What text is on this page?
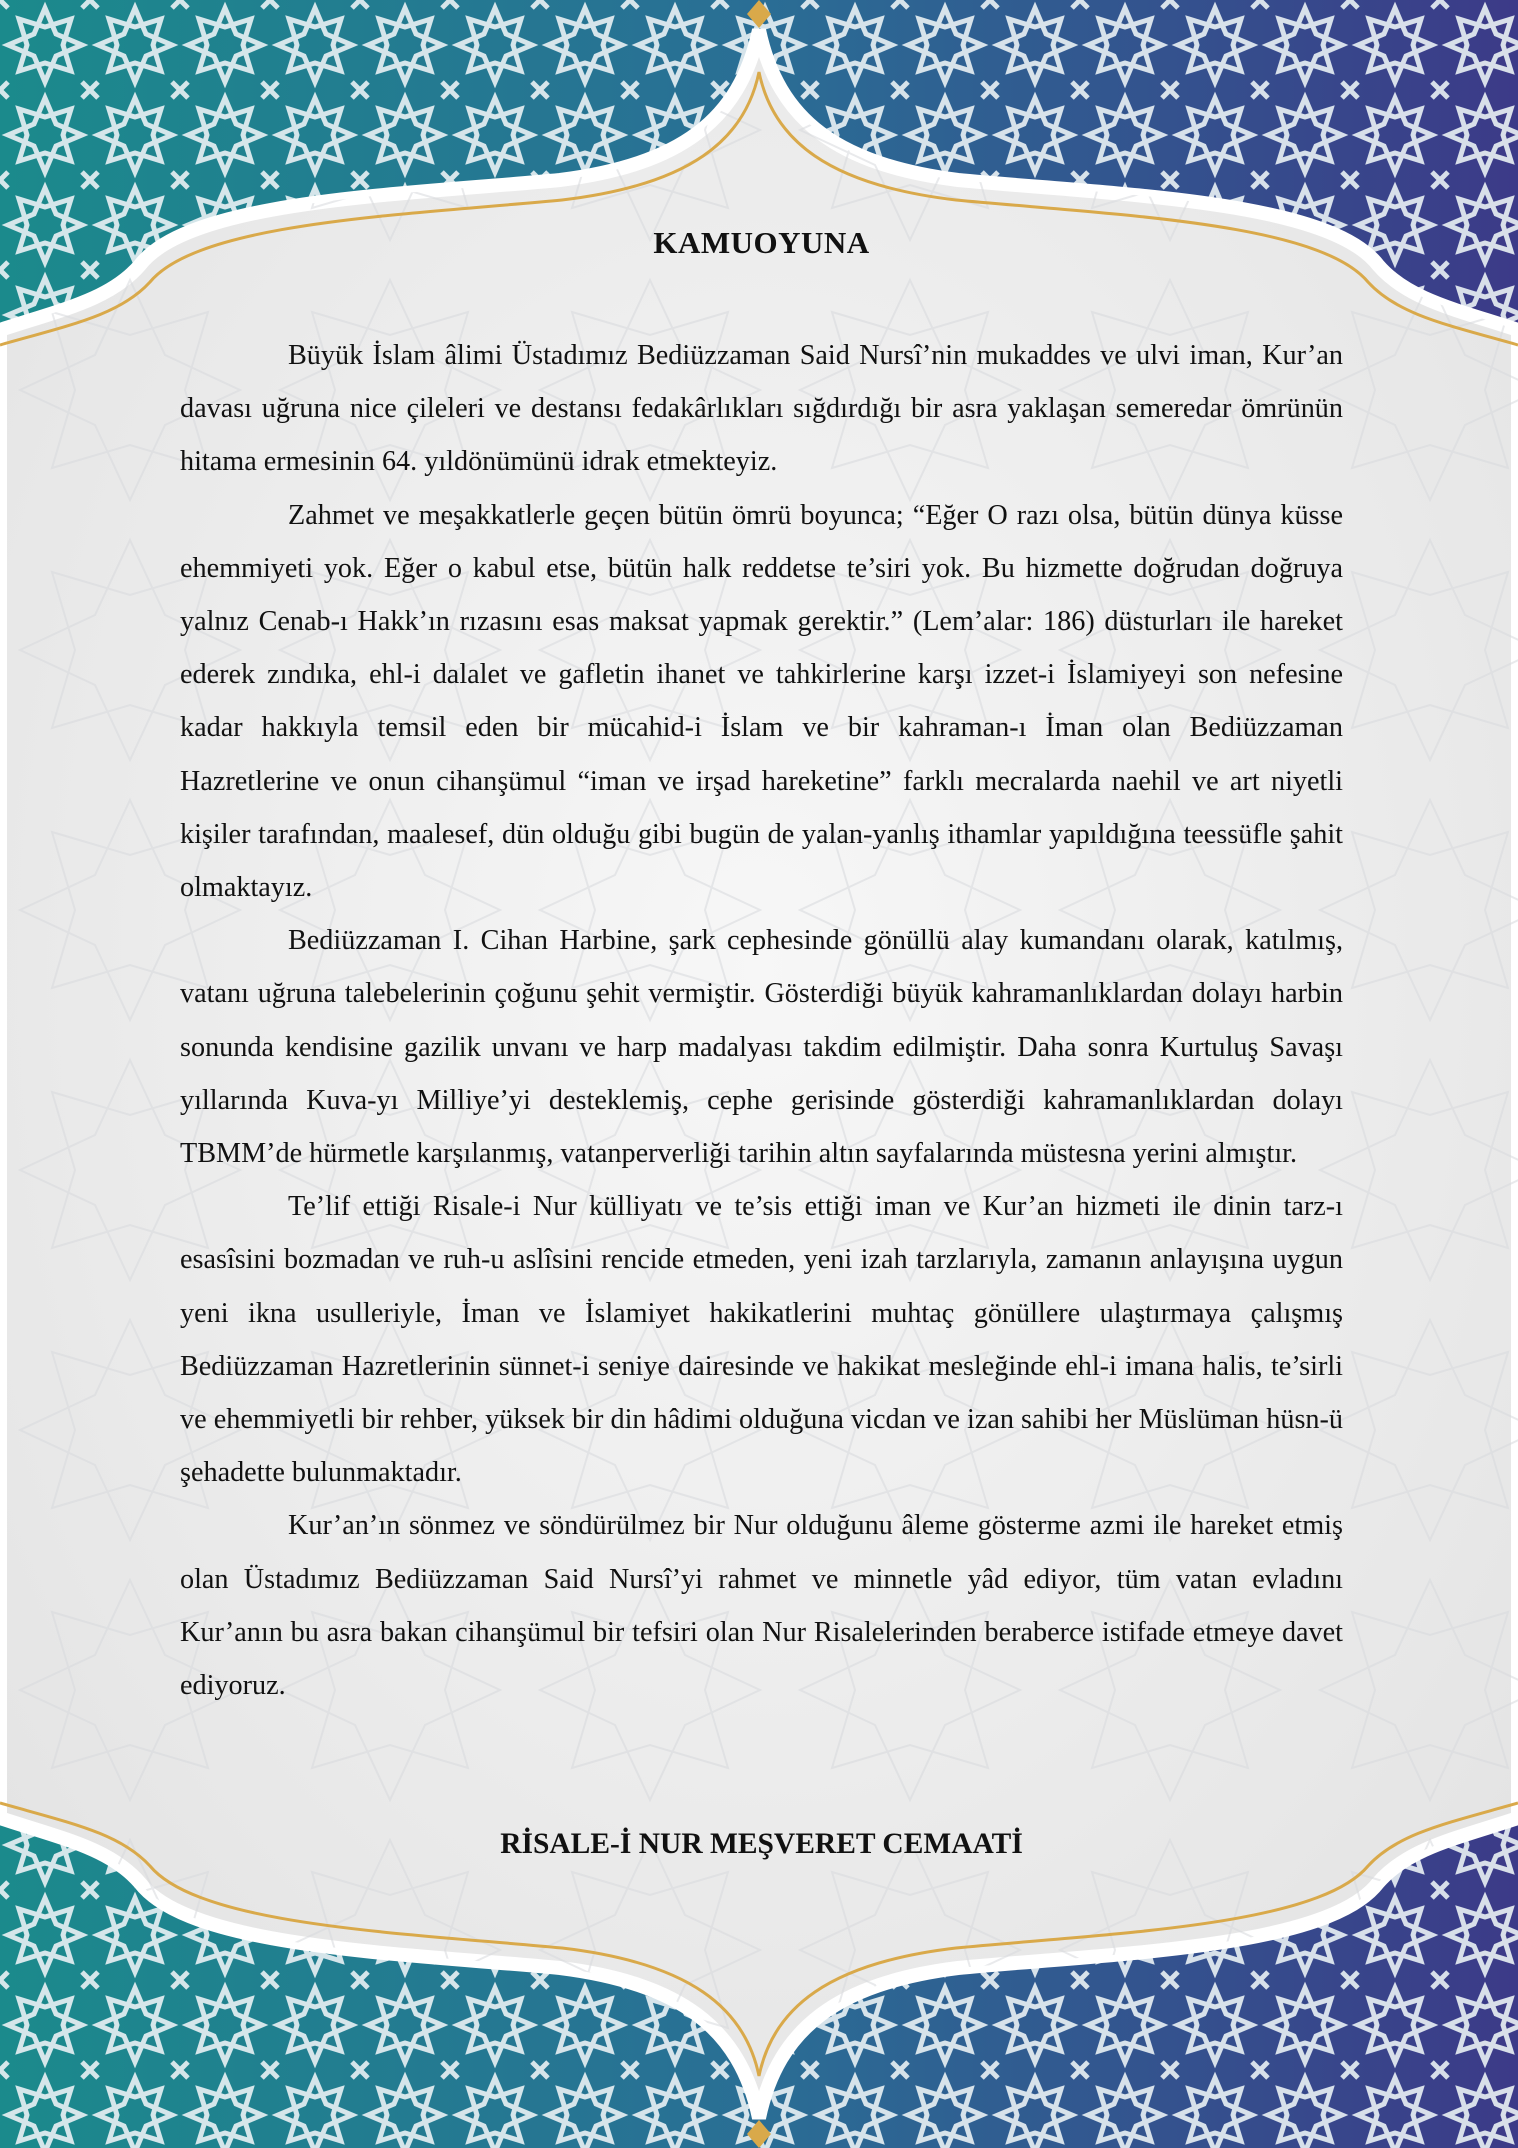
KAMUOYUNA

Büyük İslam âlimi Üstadımız Bediüzzaman Said Nursî’nin mukaddes ve ulvi iman, Kur’an davası uğruna nice çileleri ve destansı fedakârlıkları sığdırdığı bir asra yaklaşan semeredar ömrünün hitama ermesinin 64. yıldönümünü idrak etmekteyiz.

Zahmet ve meşakkatlerle geçen bütün ömrü boyunca; “Eğer O razı olsa, bütün dünya küsse ehemmiyeti yok. Eğer o kabul etse, bütün halk reddetse te’siri yok. Bu hizmette doğrudan doğruya yalnız Cenab-ı Hakk’ın rızasını esas maksat yapmak gerektir.” (Lem’alar: 186) düsturları ile hareket ederek zındıka, ehl-i dalalet ve gafletin ihanet ve tahkirlerine karşı izzet-i İslamiyeyi son nefesine kadar hakkıyla temsil eden bir mücahid-i İslam ve bir kahraman-ı İman olan Bediüzzaman Hazretlerine ve onun cihanşümul “iman ve irşad hareketine” farklı mecralarda naehil ve art niyetli kişiler tarafından, maalesef, dün olduğu gibi bugün de yalan-yanlış ithamlar yapıldığına teessüfle şahit olmaktayız.

Bediüzzaman I. Cihan Harbine, şark cephesinde gönüllü alay kumandanı olarak, katılmış, vatanı uğruna talebelerinin çoğunu şehit vermiştir. Gösterdiği büyük kahramanlıklardan dolayı harbin sonunda kendisine gazilik unvanı ve harp madalyası takdim edilmiştir. Daha sonra Kurtuluş Savaşı yıllarında Kuva-yı Milliye’yi desteklemiş, cephe gerisinde gösterdiği kahramanlıklardan dolayı TBMM’de hürmetle karşılanmış, vatanperverliği tarihin altın sayfalarında müstesna yerini almıştır.

Te’lif ettiği Risale-i Nur külliyatı ve te’sis ettiği iman ve Kur’an hizmeti ile dinin tarz-ı esasîsini bozmadan ve ruh-u aslîsini rencide etmeden, yeni izah tarzlarıyla, zamanın anlayışına uygun yeni ikna usulleriyle, İman ve İslamiyet hakikatlerini muhtaç gönüllere ulaştırmaya çalışmış Bediüzzaman Hazretlerinin sünnet-i seniye dairesinde ve hakikat mesleğinde ehl-i imana halis, te’sirli ve ehemmiyetli bir rehber, yüksek bir din hâdimi olduğuna vicdan ve izan sahibi her Müslüman hüsn-ü şehadette bulunmaktadır.

Kur’an’ın sönmez ve söndürülmez bir Nur olduğunu âleme gösterme azmi ile hareket etmiş olan Üstadımız Bediüzzaman Said Nursî’yi rahmet ve minnetle yâd ediyor, tüm vatan evladını Kur’anın bu asra bakan cihanşümul bir tefsiri olan Nur Risalelerinden beraberce istifade etmeye davet ediyoruz.

RİSALE-İ NUR MEŞVERET CEMAATİ
